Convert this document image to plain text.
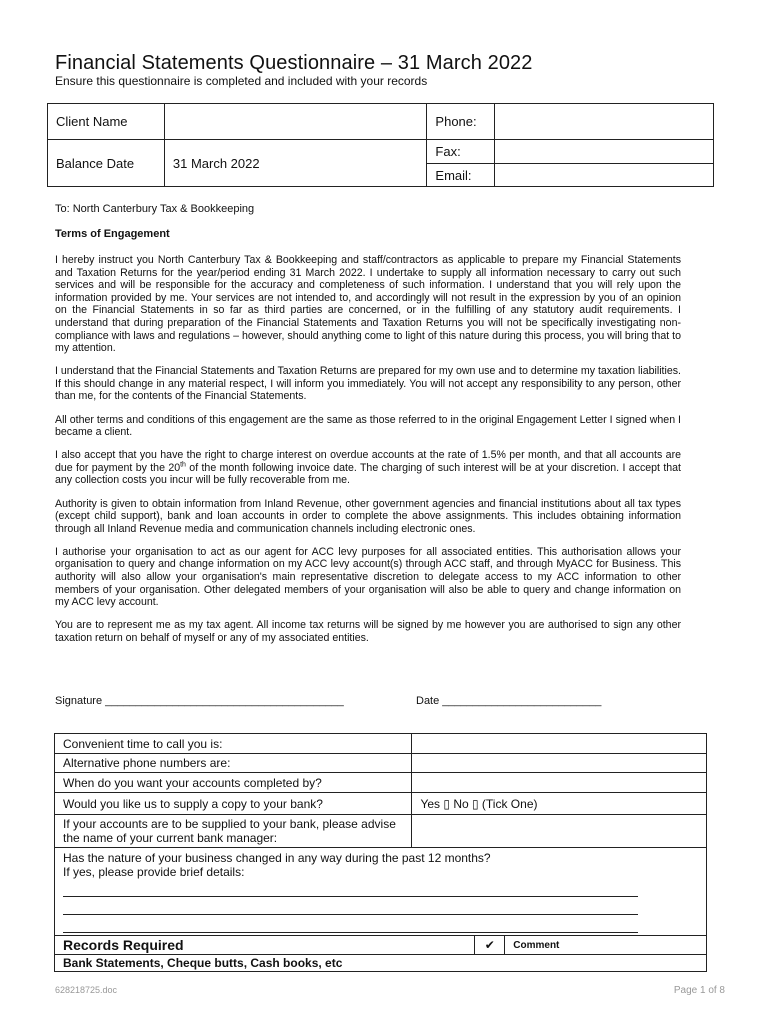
Financial Statements Questionnaire – 31 March 2022
Ensure this questionnaire is completed and included with your records
Client Name		Phone:	
Balance Date	31 March 2022	Fax:	
		Email:	
To: North Canterbury Tax & Bookkeeping
Terms of Engagement

I hereby instruct you North Canterbury Tax & Bookkeeping and staff/contractors as applicable to prepare my Financial Statements and Taxation Returns for the year/period ending 31 March 2022. I undertake to supply all information necessary to carry out such services and will be responsible for the accuracy and completeness of such information. I understand that you will rely upon the information provided by me. Your services are not intended to, and accordingly will not result in the expression by you of an opinion on the Financial Statements in so far as third parties are concerned, or in the fulfilling of any statutory audit requirements. I understand that during preparation of the Financial Statements and Taxation Returns you will not be specifically investigating non-compliance with laws and regulations – however, should anything come to light of this nature during this process, you will bring that to my attention.

I understand that the Financial Statements and Taxation Returns are prepared for my own use and to determine my taxation liabilities. If this should change in any material respect, I will inform you immediately. You will not accept any responsibility to any person, other than me, for the contents of the Financial Statements.

All other terms and conditions of this engagement are the same as those referred to in the original Engagement Letter I signed when I became a client.

I also accept that you have the right to charge interest on overdue accounts at the rate of 1.5% per month, and that all accounts are due for payment by the 20th of the month following invoice date. The charging of such interest will be at your discretion. I accept that any collection costs you incur will be fully recoverable from me.

Authority is given to obtain information from Inland Revenue, other government agencies and financial institutions about all tax types (except child support), bank and loan accounts in order to complete the above assignments. This includes obtaining information through all Inland Revenue media and communication channels including electronic ones.

I authorise your organisation to act as our agent for ACC levy purposes for all associated entities. This authorisation allows your organisation to query and change information on my ACC levy account(s) through ACC staff, and through MyACC for Business. This authority will also allow your organisation's main representative discretion to delegate access to my ACC information to other members of your organisation. Other delegated members of your organisation will also be able to query and change information on my ACC levy account.

You are to represent me as my tax agent. All income tax returns will be signed by me however you are authorised to sign any other taxation return on behalf of myself or any of my associated entities.

Signature _______________________________________	Date __________________________
Convenient time to call you is:	
Alternative phone numbers are:	
When do you want your accounts completed by?	
Would you like us to supply a copy to your bank?	Yes ▯ No ▯ (Tick One)
If your accounts are to be supplied to your bank, please advise the name of your current bank manager:	

Has the nature of your business changed in any way during the past 12 months?
If yes, please provide brief details:	
Records Required	✔	Comment
Bank Statements, Cheque butts, Cash books, etc
628218725.doc	Page 1 of 8
